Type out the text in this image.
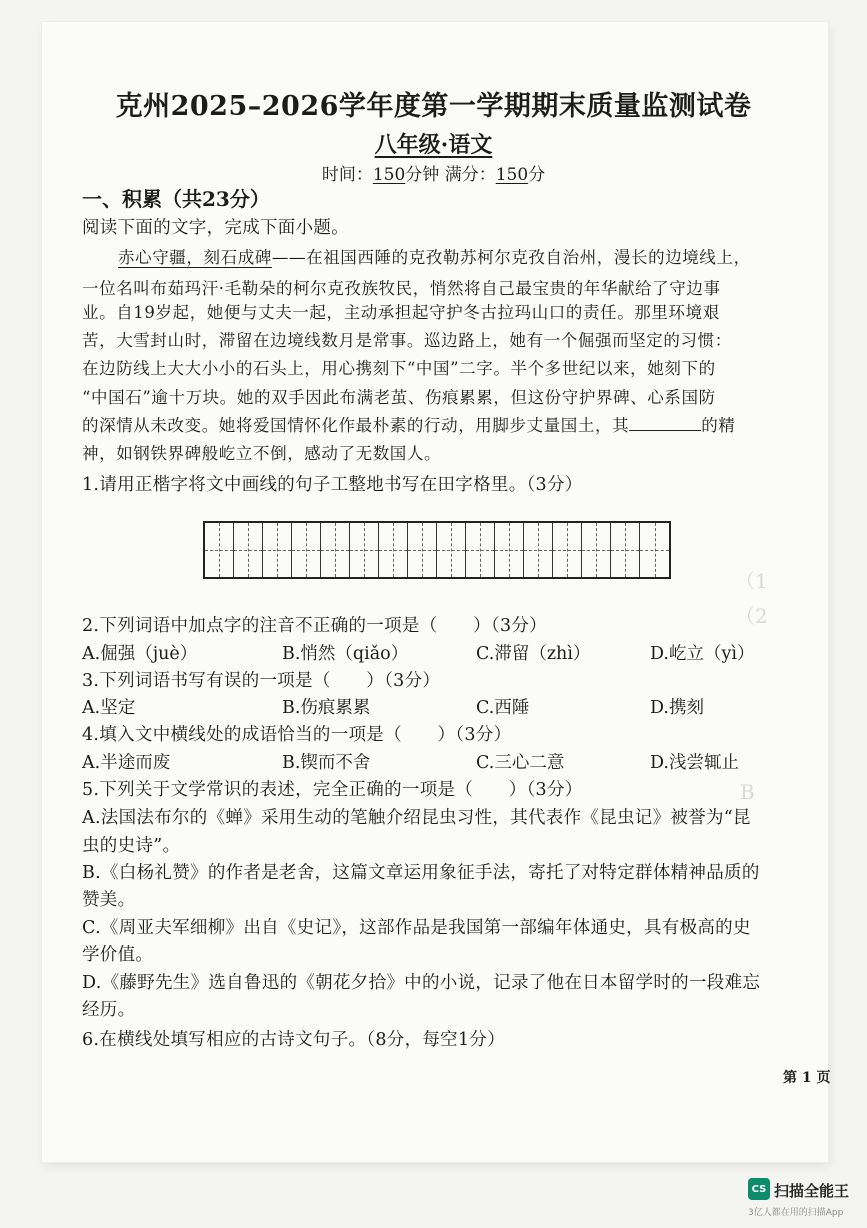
（1
（2
B
克州2025–2026学年度第一学期期末质量监测试卷
八年级·语文
时间：150分钟 满分：150分
一、积累（共23分）
阅读下面的文字，完成下面小题。
赤心守疆，刻石成碑——在祖国西陲的克孜勒苏柯尔克孜自治州，漫长的边境线上，
一位名叫布茹玛汗·毛勒朵的柯尔克孜族牧民，悄然将自己最宝贵的年华献给了守边事
业。自19岁起，她便与丈夫一起，主动承担起守护冬古拉玛山口的责任。那里环境艰
苦，大雪封山时，滞留在边境线数月是常事。巡边路上，她有一个倔强而坚定的习惯：
在边防线上大大小小的石头上，用心携刻下“中国”二字。半个多世纪以来，她刻下的
“中国石”逾十万块。她的双手因此布满老茧、伤痕累累，但这份守护界碑、心系国防
的深情从未改变。她将爱国情怀化作最朴素的行动，用脚步丈量国土，其	的精
神，如钢铁界碑般屹立不倒，感动了无数国人。
1.请用正楷字将文中画线的句子工整地书写在田字格里。（3分）
2.下列词语中加点字的注音不正确的一项是（　　）（3分）
A.倔强（juè）	B.悄然（qiǎo）	C.滞留（zhì）	D.屹立（yì）
3.下列词语书写有误的一项是（　　）（3分）
A.坚定	B.伤痕累累	C.西陲	D.携刻
4.填入文中横线处的成语恰当的一项是（　　）（3分）
A.半途而废	B.锲而不舍	C.三心二意	D.浅尝辄止
5.下列关于文学常识的表述，完全正确的一项是（　　）（3分）
A.法国法布尔的《蝉》采用生动的笔触介绍昆虫习性，其代表作《昆虫记》被誉为“昆
虫的史诗”。
B.《白杨礼赞》的作者是老舍，这篇文章运用象征手法，寄托了对特定群体精神品质的
赞美。
C.《周亚夫军细柳》出自《史记》，这部作品是我国第一部编年体通史，具有极高的史
学价值。
D.《藤野先生》选自鲁迅的《朝花夕拾》中的小说，记录了他在日本留学时的一段难忘
经历。
6.在横线处填写相应的古诗文句子。（8分，每空1分）
第 1 页
CS 扫描全能王
3亿人都在用的扫描App
